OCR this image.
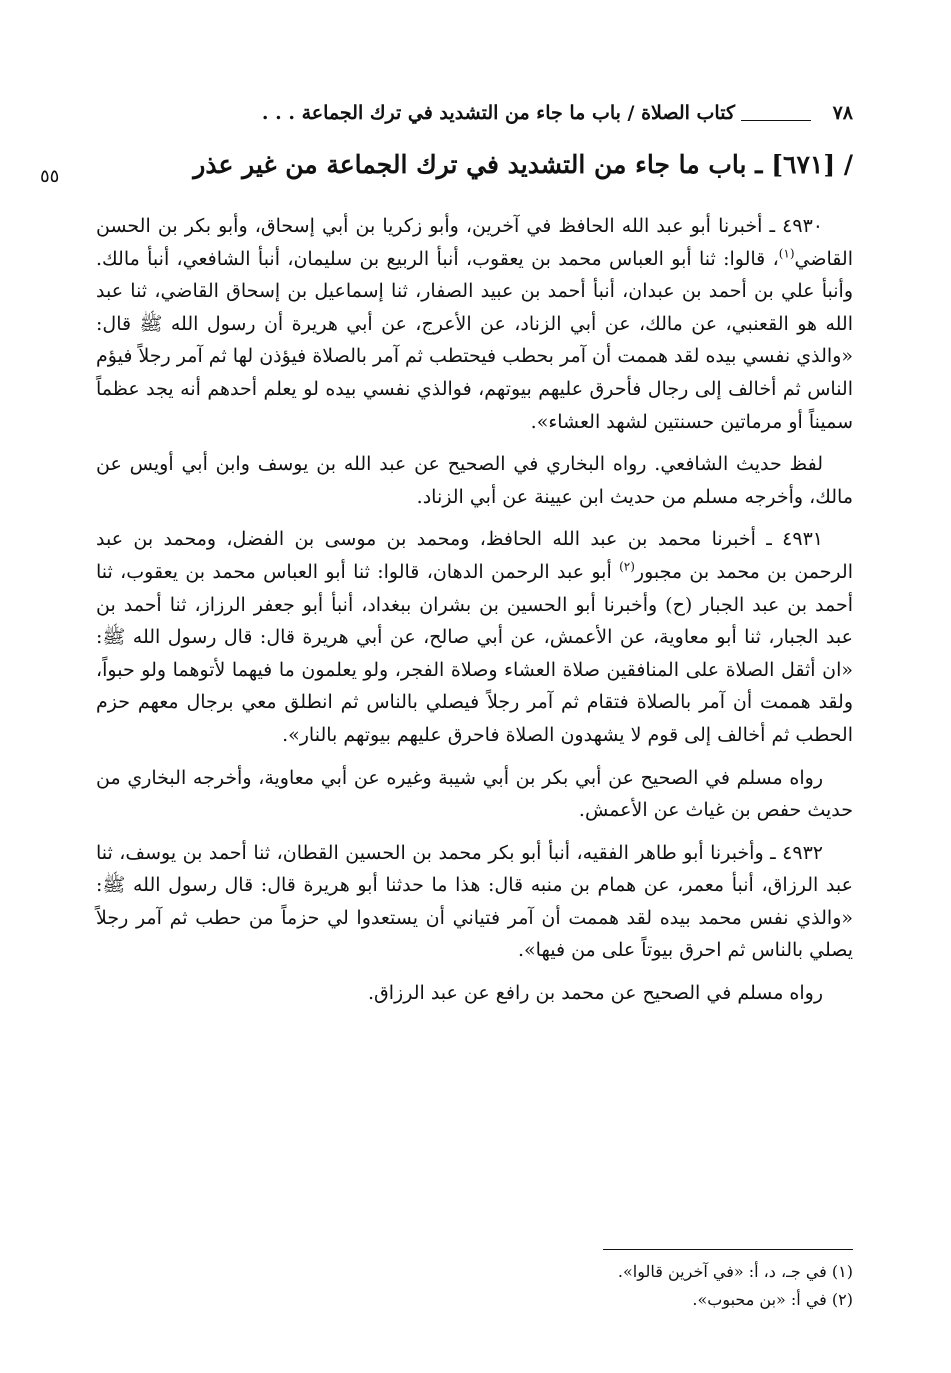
٧٨
كتاب الصلاة / باب ما جاء من التشديد في ترك الجماعة . . .
٥٥	/ [٦٧١] ـ باب ما جاء من التشديد في ترك الجماعة من غير عذر

٤٩٣٠ ـ أخبرنا أبو عبد الله الحافظ في آخرين، وأبو زكريا بن أبي إسحاق، وأبو بكر بن الحسن القاضي$^{(١)}$، قالوا: ثنا أبو العباس محمد بن يعقوب، أنبأ الربيع بن سليمان، أنبأ الشافعي، أنبأ مالك. وأنبأ علي بن أحمد بن عبدان، أنبأ أحمد بن عبيد الصفار، ثنا إسماعيل بن إسحاق القاضي، ثنا عبد الله هو القعنبي، عن مالك، عن أبي الزناد، عن الأعرج، عن أبي هريرة أن رسول الله ﷺ قال: «والذي نفسي بيده لقد هممت أن آمر بحطب فيحتطب ثم آمر بالصلاة فيؤذن لها ثم آمر رجلاً فيؤم الناس ثم أخالف إلى رجال فأحرق عليهم بيوتهم، فوالذي نفسي بيده لو يعلم أحدهم أنه يجد عظماً سميناً أو مرماتين حسنتين لشهد العشاء».

لفظ حديث الشافعي. رواه البخاري في الصحيح عن عبد الله بن يوسف وابن أبي أويس عن مالك، وأخرجه مسلم من حديث ابن عيينة عن أبي الزناد.

٤٩٣١ ـ أخبرنا محمد بن عبد الله الحافظ، ومحمد بن موسى بن الفضل، ومحمد بن عبد الرحمن بن محمد بن مجبور$^{(٢)}$ أبو عبد الرحمن الدهان، قالوا: ثنا أبو العباس محمد بن يعقوب، ثنا أحمد بن عبد الجبار (ح) وأخبرنا أبو الحسين بن بشران ببغداد، أنبأ أبو جعفر الرزاز، ثنا أحمد بن عبد الجبار، ثنا أبو معاوية، عن الأعمش، عن أبي صالح، عن أبي هريرة قال: قال رسول الله ﷺ: «ان أثقل الصلاة على المنافقين صلاة العشاء وصلاة الفجر، ولو يعلمون ما فيهما لأتوهما ولو حبواً، ولقد هممت أن آمر بالصلاة فتقام ثم آمر رجلاً فيصلي بالناس ثم انطلق معي برجال معهم حزم الحطب ثم أخالف إلى قوم لا يشهدون الصلاة فاحرق عليهم بيوتهم بالنار».

رواه مسلم في الصحيح عن أبي بكر بن أبي شيبة وغيره عن أبي معاوية، وأخرجه البخاري من حديث حفص بن غياث عن الأعمش.

٤٩٣٢ ـ وأخبرنا أبو طاهر الفقيه، أنبأ أبو بكر محمد بن الحسين القطان، ثنا أحمد بن يوسف، ثنا عبد الرزاق، أنبأ معمر، عن همام بن منبه قال: هذا ما حدثنا أبو هريرة قال: قال رسول الله ﷺ: «والذي نفس محمد بيده لقد هممت أن آمر فتياني أن يستعدوا لي حزماً من حطب ثم آمر رجلاً يصلي بالناس ثم احرق بيوتاً على من فيها».

رواه مسلم في الصحيح عن محمد بن رافع عن عبد الرزاق.

(١) في جـ، د، أ: «في آخرين قالوا».
(٢) في أ: «بن محبوب».
